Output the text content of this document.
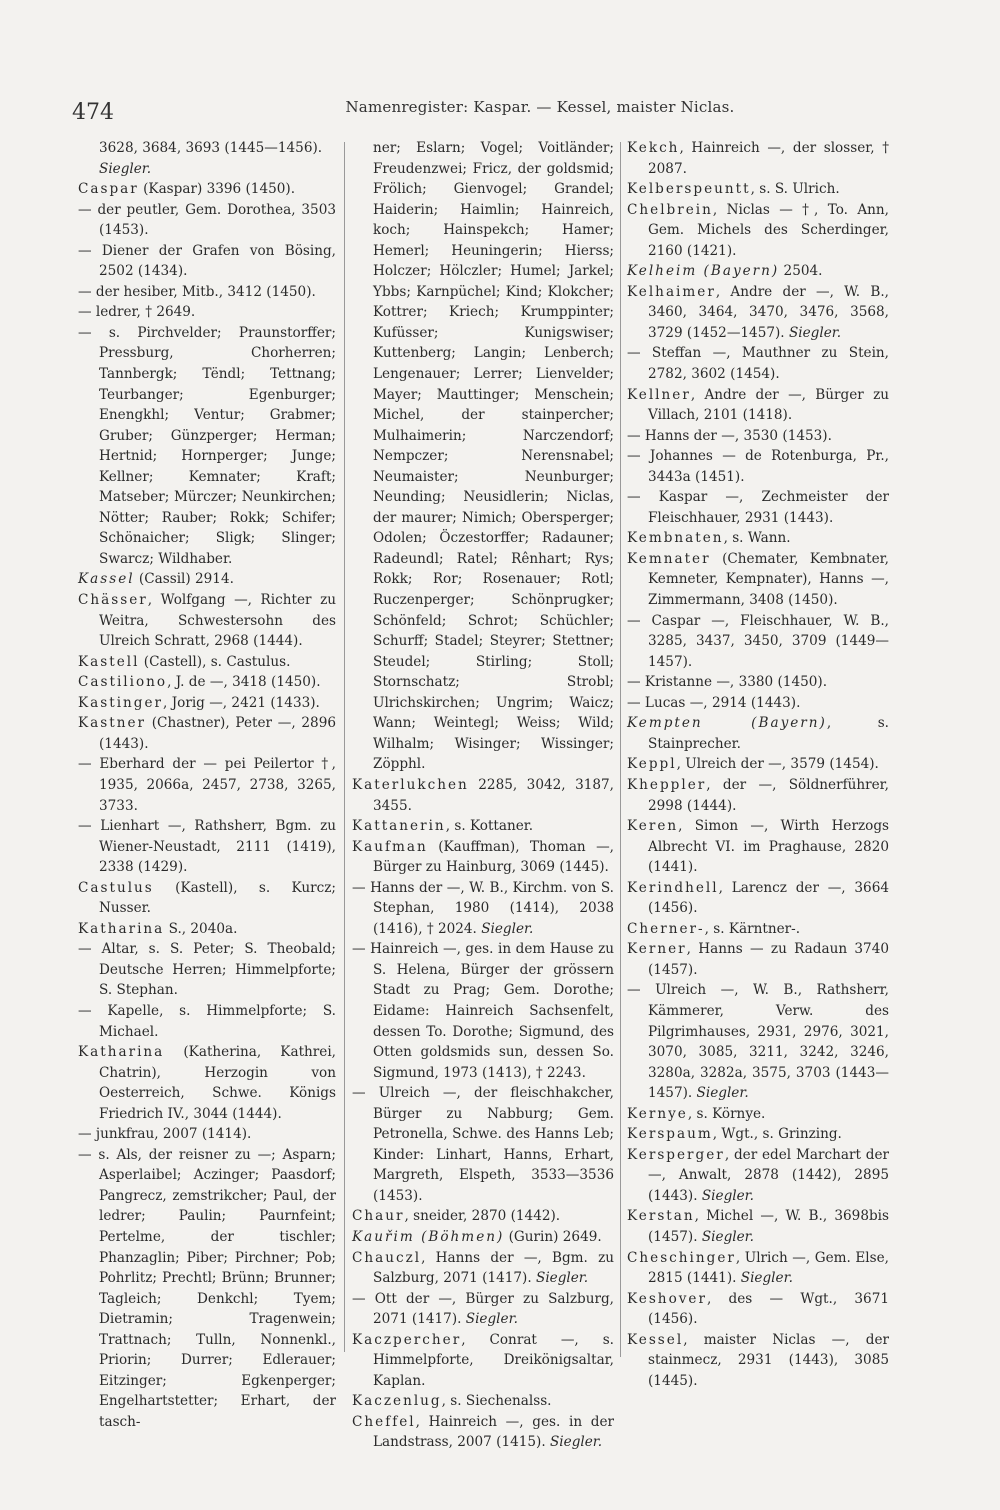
474	Namenregister: Kaspar. — Kessel, maister Niclas.

3628, 3684, 3693 (1445—1456).

Siegler.

Caspar (Kaspar) 3396 (1450).

— der peutler, Gem. Dorothea, 3503 (1453).

— Diener der Grafen von Bösing, 2502 (1434).

— der hesiber, Mitb., 3412 (1450).

— ledrer, † 2649.

— s. Pirchvelder; Praunstorffer; Pressburg, Chorherren; Tannbergk; Tëndl; Tettnang; Teurbanger; Egenburger; Enengkhl; Ventur; Grabmer; Gruber; Günzperger; Herman; Hertnid; Hornperger; Junge; Kellner; Kemnater; Kraft; Matseber; Mürczer; Neunkirchen; Nötter; Rauber; Rokk; Schifer; Schönaicher; Sligk; Slinger; Swarcz; Wildhaber.

Kassel (Cassil) 2914.

Chässer, Wolfgang —, Richter zu Weitra, Schwestersohn des Ulreich Schratt, 2968 (1444).

Kastell (Castell), s. Castulus.

Castiliono, J. de —, 3418 (1450).

Kastinger, Jorig —, 2421 (1433).

Kastner (Chastner), Peter —, 2896 (1443).

— Eberhard der — pei Peilertor †, 1935, 2066a, 2457, 2738, 3265, 3733.

— Lienhart —, Rathsherr, Bgm. zu Wiener-Neustadt, 2111 (1419), 2338 (1429).

Castulus (Kastell), s. Kurcz; Nusser.

Katharina S., 2040a.

— Altar, s. S. Peter; S. Theobald; Deutsche Herren; Himmelpforte; S. Stephan.

— Kapelle, s. Himmelpforte; S. Michael.

Katharina (Katherina, Kathrei, Chatrin), Herzogin von Oesterreich, Schwe. Königs Friedrich IV., 3044 (1444).

— junkfrau, 2007 (1414).

— s. Als, der reisner zu —; Asparn; Asperlaibel; Aczinger; Paasdorf; Pangrecz, zemstrikcher; Paul, der ledrer; Paulin; Paurnfeint; Pertelme, der tischler; Phanzaglin; Piber; Pirchner; Pob; Pohrlitz; Prechtl; Brünn; Brunner; Tagleich; Denkchl; Tyem; Dietramin; Tragenwein; Trattnach; Tulln, Nonnenkl., Priorin; Durrer; Edlerauer; Eitzinger; Egkenperger; Engelhartstetter; Erhart, der tasch-

ner; Eslarn; Vogel; Voitländer; Freudenzwei; Fricz, der goldsmid; Frölich; Gienvogel; Grandel; Haiderin; Haimlin; Hainreich, koch; Hainspekch; Hamer; Hemerl; Heuningerin; Hierss; Holczer; Hölczler; Humel; Jarkel; Ybbs; Karnpüchel; Kind; Klokcher; Kottrer; Kriech; Krumppinter; Kufüsser; Kunigswiser; Kuttenberg; Langin; Lenberch; Lengenauer; Lerrer; Lienvelder; Mayer; Mauttinger; Menschein; Michel, der stainpercher; Mulhaimerin; Narczendorf; Nempczer; Nerensnabel; Neumaister; Neunburger; Neunding; Neusidlerin; Niclas, der maurer; Nimich; Obersperger; Odolen; Öczestorffer; Radauner; Radeundl; Ratel; Rênhart; Rys; Rokk; Ror; Rosenauer; Rotl; Ruczenperger; Schönprugker; Schönfeld; Schrot; Schüchler; Schurff; Stadel; Steyrer; Stettner; Steudel; Stirling; Stoll; Stornschatz; Strobl; Ulrichskirchen; Ungrim; Waicz; Wann; Weintegl; Weiss; Wild; Wilhalm; Wisinger; Wissinger; Zöpphl.

Katerlukchen 2285, 3042, 3187, 3455.

Kattanerin, s. Kottaner.

Kaufman (Kauffman), Thoman —, Bürger zu Hainburg, 3069 (1445).

— Hanns der —, W. B., Kirchm. von S. Stephan, 1980 (1414), 2038 (1416), † 2024. Siegler.

— Hainreich —, ges. in dem Hause zu S. Helena, Bürger der grössern Stadt zu Prag; Gem. Dorothe; Eidame: Hainreich Sachsenfelt, dessen To. Dorothe; Sigmund, des Otten goldsmids sun, dessen So. Sigmund, 1973 (1413), † 2243.

— Ulreich —, der fleischhakcher, Bürger zu Nabburg; Gem. Petronella, Schwe. des Hanns Leb; Kinder: Linhart, Hanns, Erhart, Margreth, Elspeth, 3533—3536 (1453).

Chaur, sneider, 2870 (1442).

Kauřim (Böhmen) (Gurin) 2649.

Chauczl, Hanns der —, Bgm. zu Salzburg, 2071 (1417). Siegler.

— Ott der —, Bürger zu Salzburg, 2071 (1417). Siegler.

Kaczpercher, Conrat —, s. Himmelpforte, Dreikönigsaltar, Kaplan.

Kaczenlug, s. Siechenalss.

Cheffel, Hainreich —, ges. in der Landstrass, 2007 (1415). Siegler.

Kekch, Hainreich —, der slosser, † 2087.

Kelberspeuntt, s. S. Ulrich.

Chelbrein, Niclas — †, To. Ann, Gem. Michels des Scherdinger, 2160 (1421).

Kelheim (Bayern) 2504.

Kelhaimer, Andre der —, W. B., 3460, 3464, 3470, 3476, 3568, 3729 (1452—1457). Siegler.

— Steffan —, Mauthner zu Stein, 2782, 3602 (1454).

Kellner, Andre der —, Bürger zu Villach, 2101 (1418).

— Hanns der —, 3530 (1453).

— Johannes — de Rotenburga, Pr., 3443a (1451).

— Kaspar —, Zechmeister der Fleischhauer, 2931 (1443).

Kembnaten, s. Wann.

Kemnater (Chemater, Kembnater, Kemneter, Kempnater), Hanns —, Zimmermann, 3408 (1450).

— Caspar —, Fleischhauer, W. B., 3285, 3437, 3450, 3709 (1449—1457).

— Kristanne —, 3380 (1450).

— Lucas —, 2914 (1443).

Kempten (Bayern), s. Stainprecher.

Keppl, Ulreich der —, 3579 (1454).

Kheppler, der —, Söldnerführer, 2998 (1444).

Keren, Simon —, Wirth Herzogs Albrecht VI. im Praghause, 2820 (1441).

Kerindhell, Larencz der —, 3664 (1456).

Cherner-, s. Kärntner-.

Kerner, Hanns — zu Radaun 3740 (1457).

— Ulreich —, W. B., Rathsherr, Kämmerer, Verw. des Pilgrimhauses, 2931, 2976, 3021, 3070, 3085, 3211, 3242, 3246, 3280a, 3282a, 3575, 3703 (1443—1457). Siegler.

Kernye, s. Környe.

Kerspaum, Wgt., s. Grinzing.

Kersperger, der edel Marchart der —, Anwalt, 2878 (1442), 2895 (1443). Siegler.

Kerstan, Michel —, W. B., 3698bis (1457). Siegler.

Cheschinger, Ulrich —, Gem. Else, 2815 (1441). Siegler.

Keshover, des — Wgt., 3671 (1456).

Kessel, maister Niclas —, der stainmecz, 2931 (1443), 3085 (1445).
